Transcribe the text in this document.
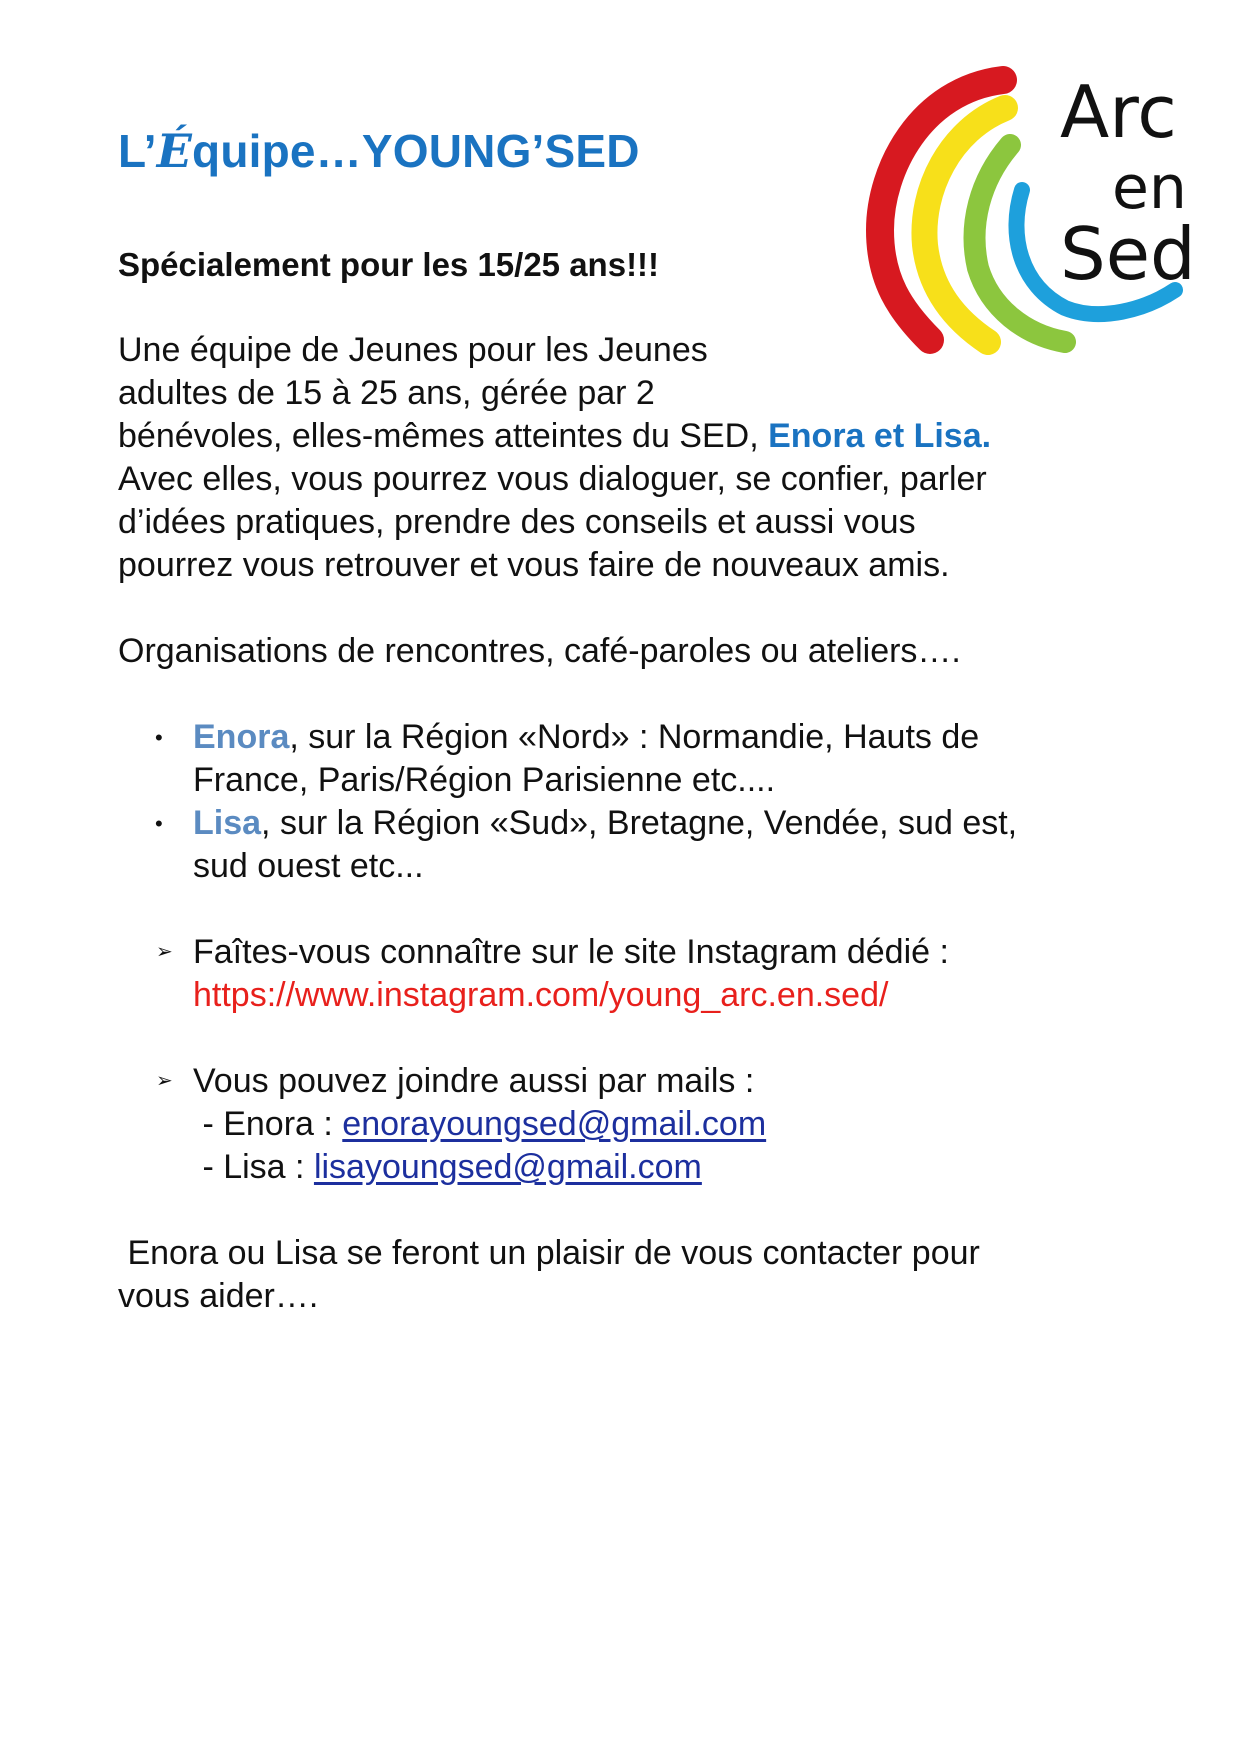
Arc
en
Sed
L’Équipe…YOUNG’SED

Spécialement pour les 15/25 ans!!!

Une équipe de Jeunes pour les Jeunes
adultes de 15 à 25 ans, gérée par 2
bénévoles, elles-mêmes atteintes du SED, Enora et Lisa.
Avec elles, vous pourrez vous dialoguer, se confier, parler
d’idées pratiques, prendre des conseils et aussi vous
pourrez vous retrouver et vous faire de nouveaux amis.
Organisations de rencontres, café-paroles ou ateliers….
• Enora, sur la Région «Nord» : Normandie, Hauts de
France, Paris/Région Parisienne etc....
• Lisa, sur la Région «Sud», Bretagne, Vendée, sud est,
sud ouest etc...
➢ Faîtes-vous connaître sur le site Instagram dédié :
https://www.instagram.com/young_arc.en.sed/
➢ Vous pouvez joindre aussi par mails :
- Enora : enorayoungsed@gmail.com
- Lisa : lisayoungsed@gmail.com
Enora ou Lisa se feront un plaisir de vous contacter pour
vous aider….
